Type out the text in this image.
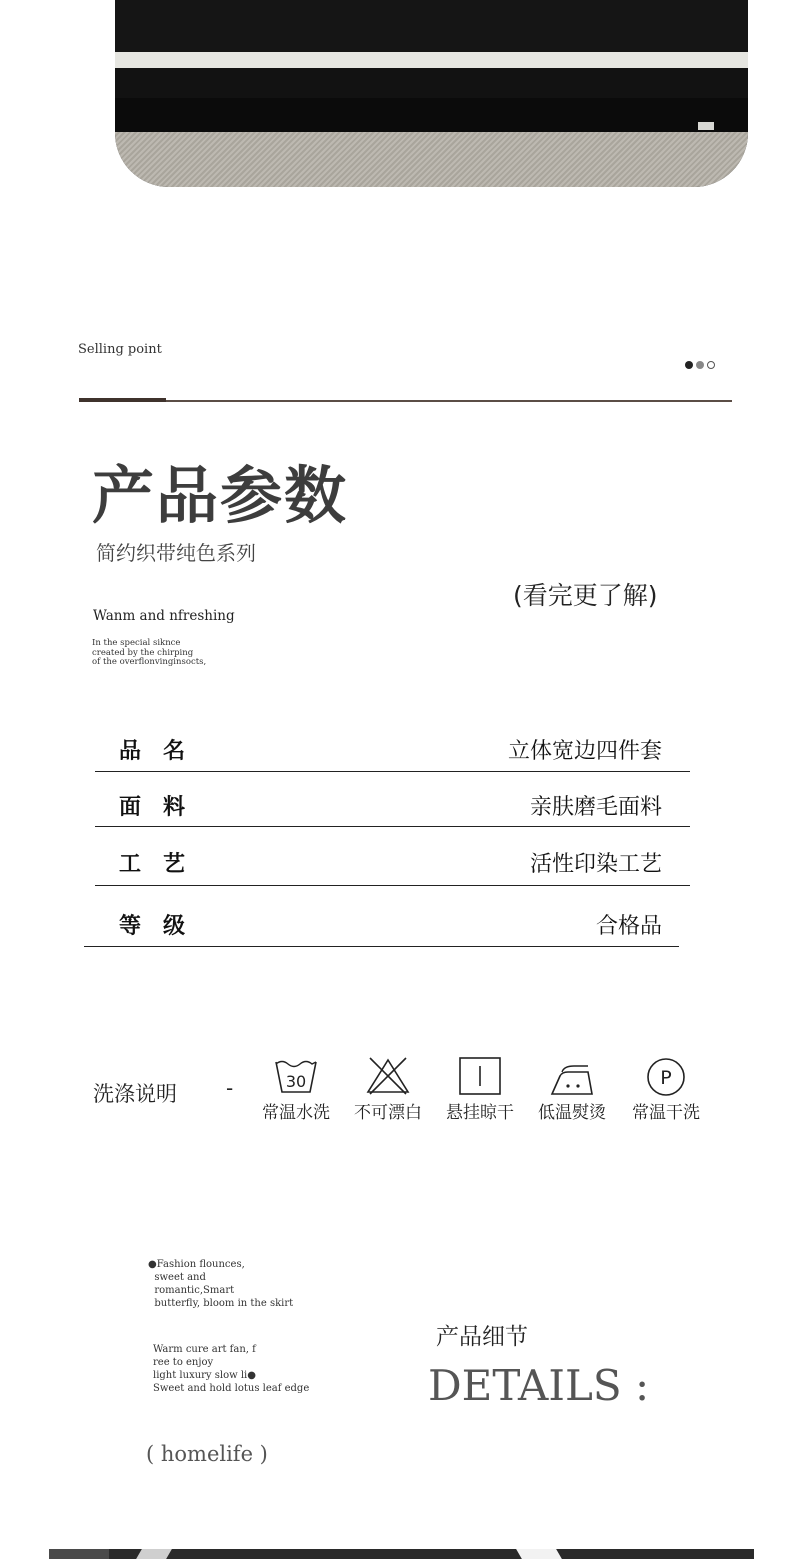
Selling point
产品参数
简约织带纯色系列
(看完更了解)
Wanm and nfreshing
In the special siknce
created by the chirping
of the overflonvinginsocts,
品名	立体宽边四件套
面料	亲肤磨毛面料
工艺	活性印染工艺
等级	合格品
洗涤说明 -	30
常温水洗	不可漂白	悬挂晾干	低温熨烫
P
常温干洗
●Fashion flounces,
sweet and
romantic,Smart
butterfly, bloom in the skirt
Warm cure art fan, f
ree to enjoy
light luxury slow li●
Sweet and hold lotus leaf edge
( homelife )
产品细节
DETAILS :
